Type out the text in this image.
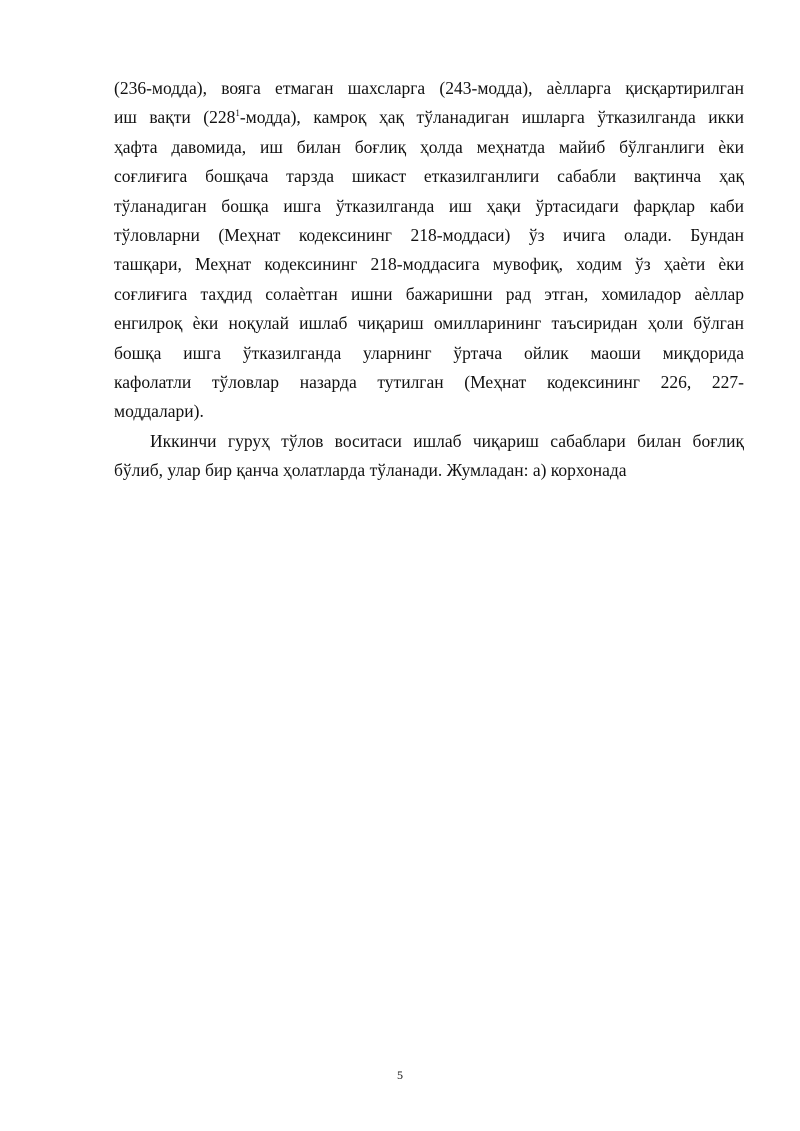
(236-модда), вояга етмаган шахсларга (243-модда), аѐлларга қисқартирилган
иш вақти $(228^1-модда)$, камроқ ҳақ тўланадиган ишларга ўтказилганда икки
ҳафта давомида, иш билан боғлиқ ҳолда меҳнатда майиб бўлганлиги ѐки
соғлиғига бошқача тарзда шикаст етказилганлиги сабабли вақтинча ҳақ
тўланадиган бошқа ишга ўтказилганда иш ҳақи ўртасидаги фарқлар каби
тўловларни (Меҳнат кодексининг 218-моддаси) ўз ичига олади. Бундан
ташқари, Меҳнат кодексининг 218-моддасига мувофиқ, ходим ўз ҳаѐти ѐки
соғлиғига таҳдид солаѐтган ишни бажаришни рад этган, хомиладор аѐллар
енгилроқ ѐки ноқулай ишлаб чиқариш омилларининг таъсиридан ҳоли бўлган
бошқа ишга ўтказилганда уларнинг ўртача ойлик маоши миқдорида
кафолатли тўловлар назарда тутилган (Меҳнат кодексининг 226, 227-
моддалари).

Иккинчи гуруҳ тўлов воситаси ишлаб чиқариш сабаблари билан боғлиқ
бўлиб, улар бир қанча ҳолатларда тўланади. Жумладан: а) корхонада

5
